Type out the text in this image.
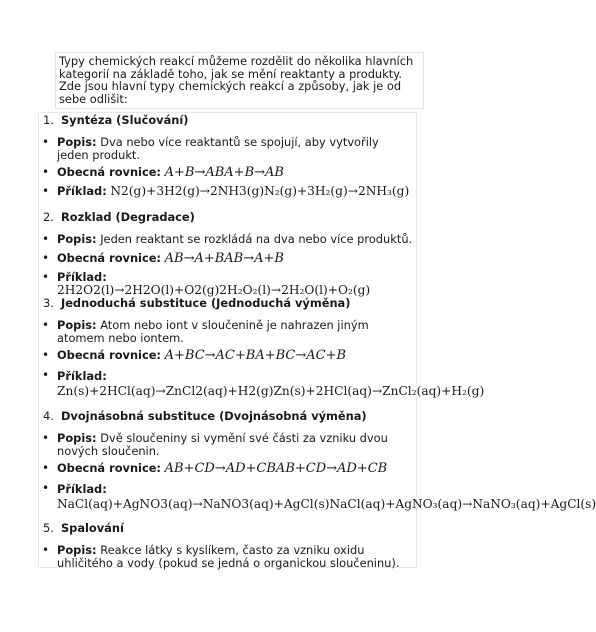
Typy chemických reakcí můžeme rozdělit do několika hlavních kategorií na základě toho, jak se mění reaktanty a produkty. Zde jsou hlavní typy chemických reakcí a způsoby, jak je od sebe odlišit:
1. Syntéza (Slučování)
• Popis: Dva nebo více reaktantů se spojují, aby vytvořily jeden produkt.
• Obecná rovnice: A+B→ABA+B→AB
• Příklad: N2(g)+3H2(g)→2NH3(g)N₂(g)+3H₂(g)→2NH₃(g)
2. Rozklad (Degradace)
• Popis: Jeden reaktant se rozkládá na dva nebo více produktů.
• Obecná rovnice: AB→A+BAB→A+B
• Příklad: 2H2O2(l)→2H2O(l)+O2(g)2H₂O₂(l)→2H₂O(l)+O₂(g)
3. Jednoduchá substituce (Jednoduchá výměna)
• Popis: Atom nebo iont v sloučenině je nahrazen jiným atomem nebo iontem.
• Obecná rovnice: A+BC→AC+BA+BC→AC+B
• Příklad: Zn(s)+2HCl(aq)→ZnCl2(aq)+H2(g)Zn(s)+2HCl(aq)→ZnCl₂(aq)+H₂(g)
4. Dvojnásobná substituce (Dvojnásobná výměna)
• Popis: Dvě sloučeniny si vymění své části za vzniku dvou nových sloučenin.
• Obecná rovnice: AB+CD→AD+CBAB+CD→AD+CB
• Příklad: NaCl(aq)+AgNO3(aq)→NaNO3(aq)+AgCl(s)NaCl(aq)+AgNO₃(aq)→NaNO₃(aq)+AgCl(s)
5. Spalování
• Popis: Reakce látky s kyslíkem, často za vzniku oxidu uhličitého a vody (pokud se jedná o organickou sloučeninu).
